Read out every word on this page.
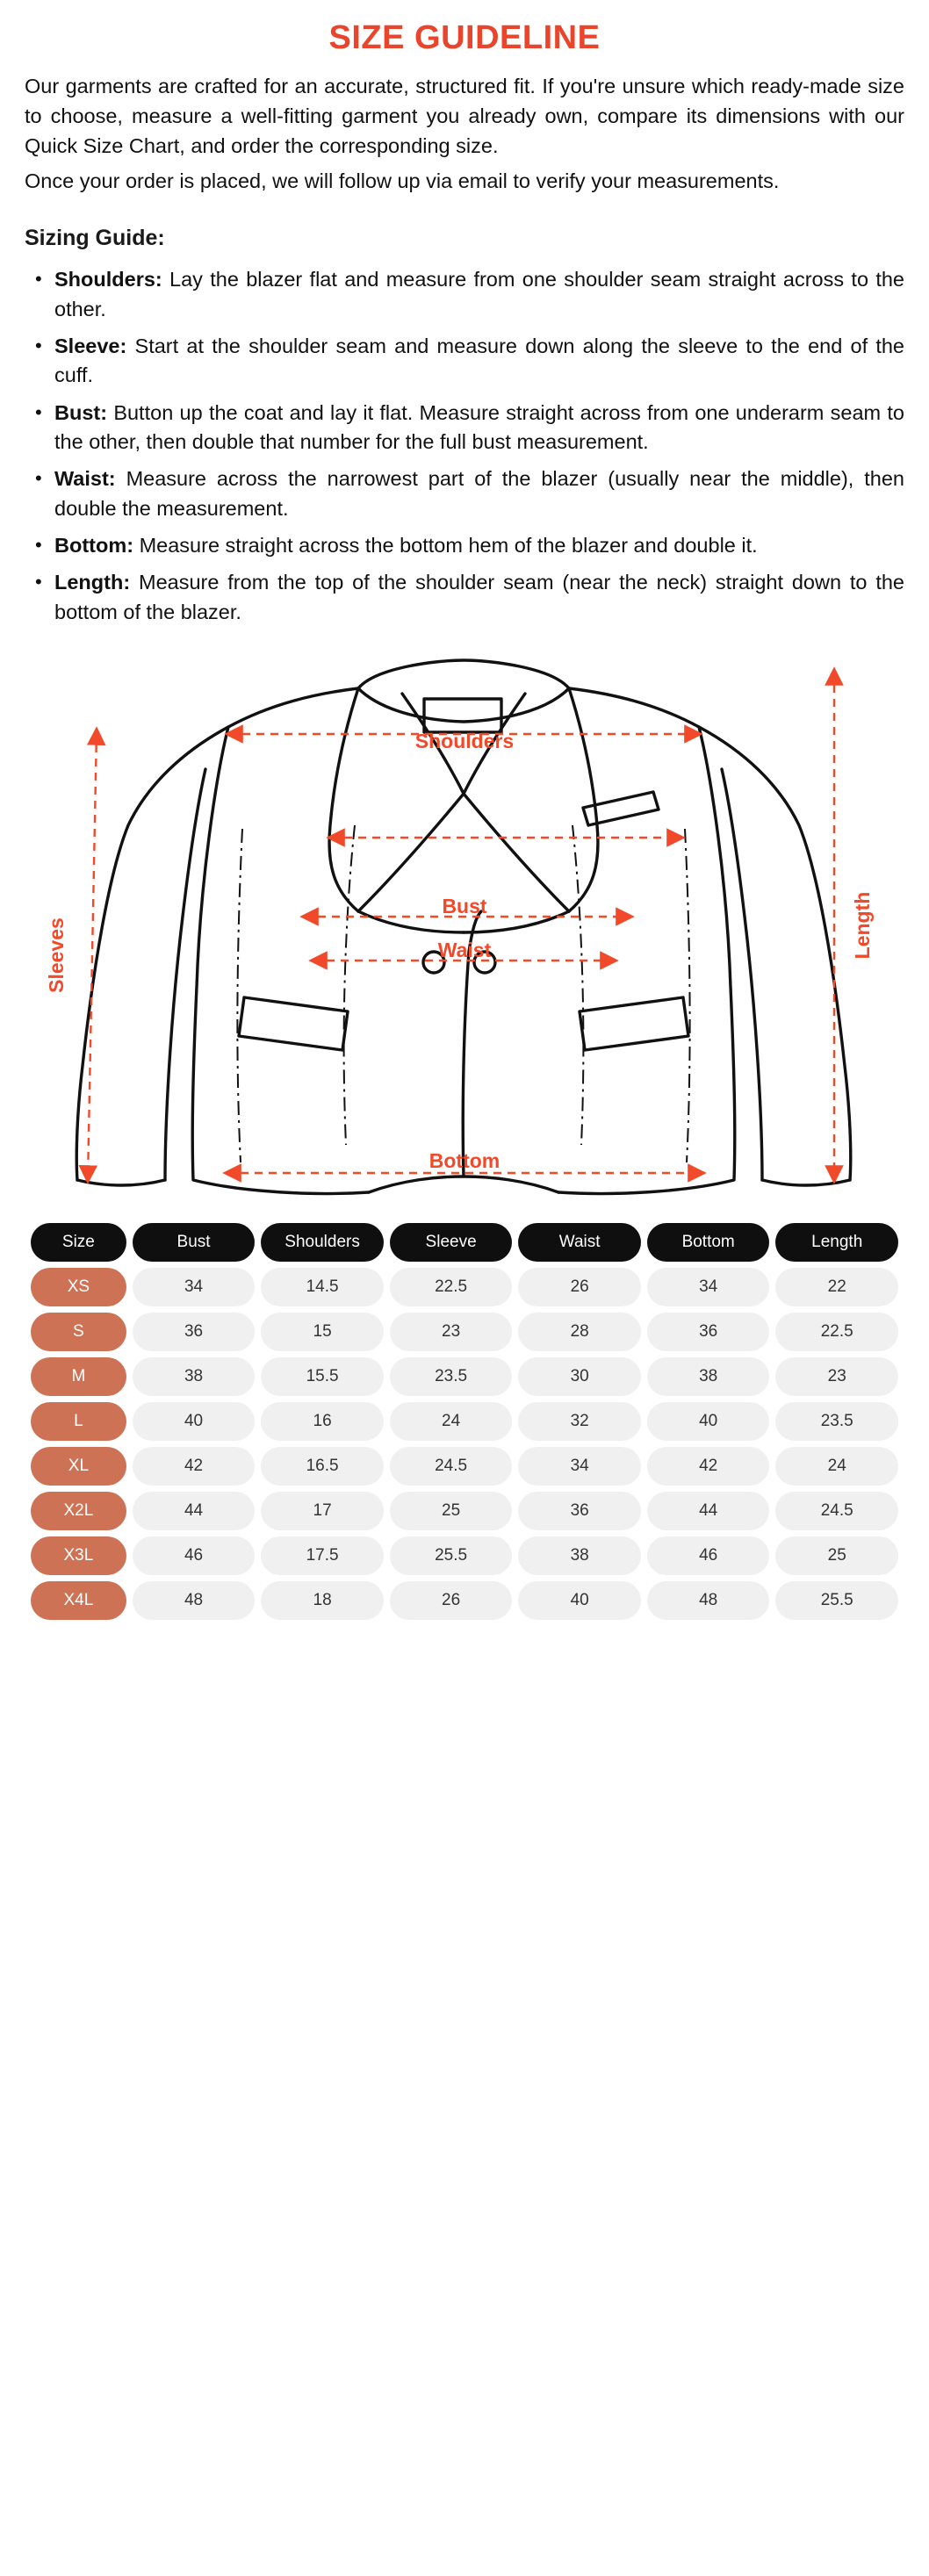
SIZE GUIDELINE

Our garments are crafted for an accurate, structured fit. If you're unsure which ready-made size to choose, measure a well-fitting garment you already own, compare its dimensions with our Quick Size Chart, and order the corresponding size.

Once your order is placed, we will follow up via email to verify your measurements.

Sizing Guide:
• Shoulders: Lay the blazer flat and measure from one shoulder seam straight across to the other.
• Sleeve: Start at the shoulder seam and measure down along the sleeve to the end of the cuff.
• Bust: Button up the coat and lay it flat. Measure straight across from one underarm seam to the other, then double that number for the full bust measurement.
• Waist: Measure across the narrowest part of the blazer (usually near the middle), then double the measurement.
• Bottom: Measure straight across the bottom hem of the blazer and double it.
• Length: Measure from the top of the shoulder seam (near the neck) straight down to the bottom of the blazer.
Shoulders
Bust
Waist
Bottom
Sleeves	Length
Size	Bust	Shoulders	Sleeve	Waist	Bottom	Length
XS	34	14.5	22.5	26	34	22
S	36	15	23	28	36	22.5
M	38	15.5	23.5	30	38	23
L	40	16	24	32	40	23.5
XL	42	16.5	24.5	34	42	24
X2L	44	17	25	36	44	24.5
X3L	46	17.5	25.5	38	46	25
X4L	48	18	26	40	48	25.5
